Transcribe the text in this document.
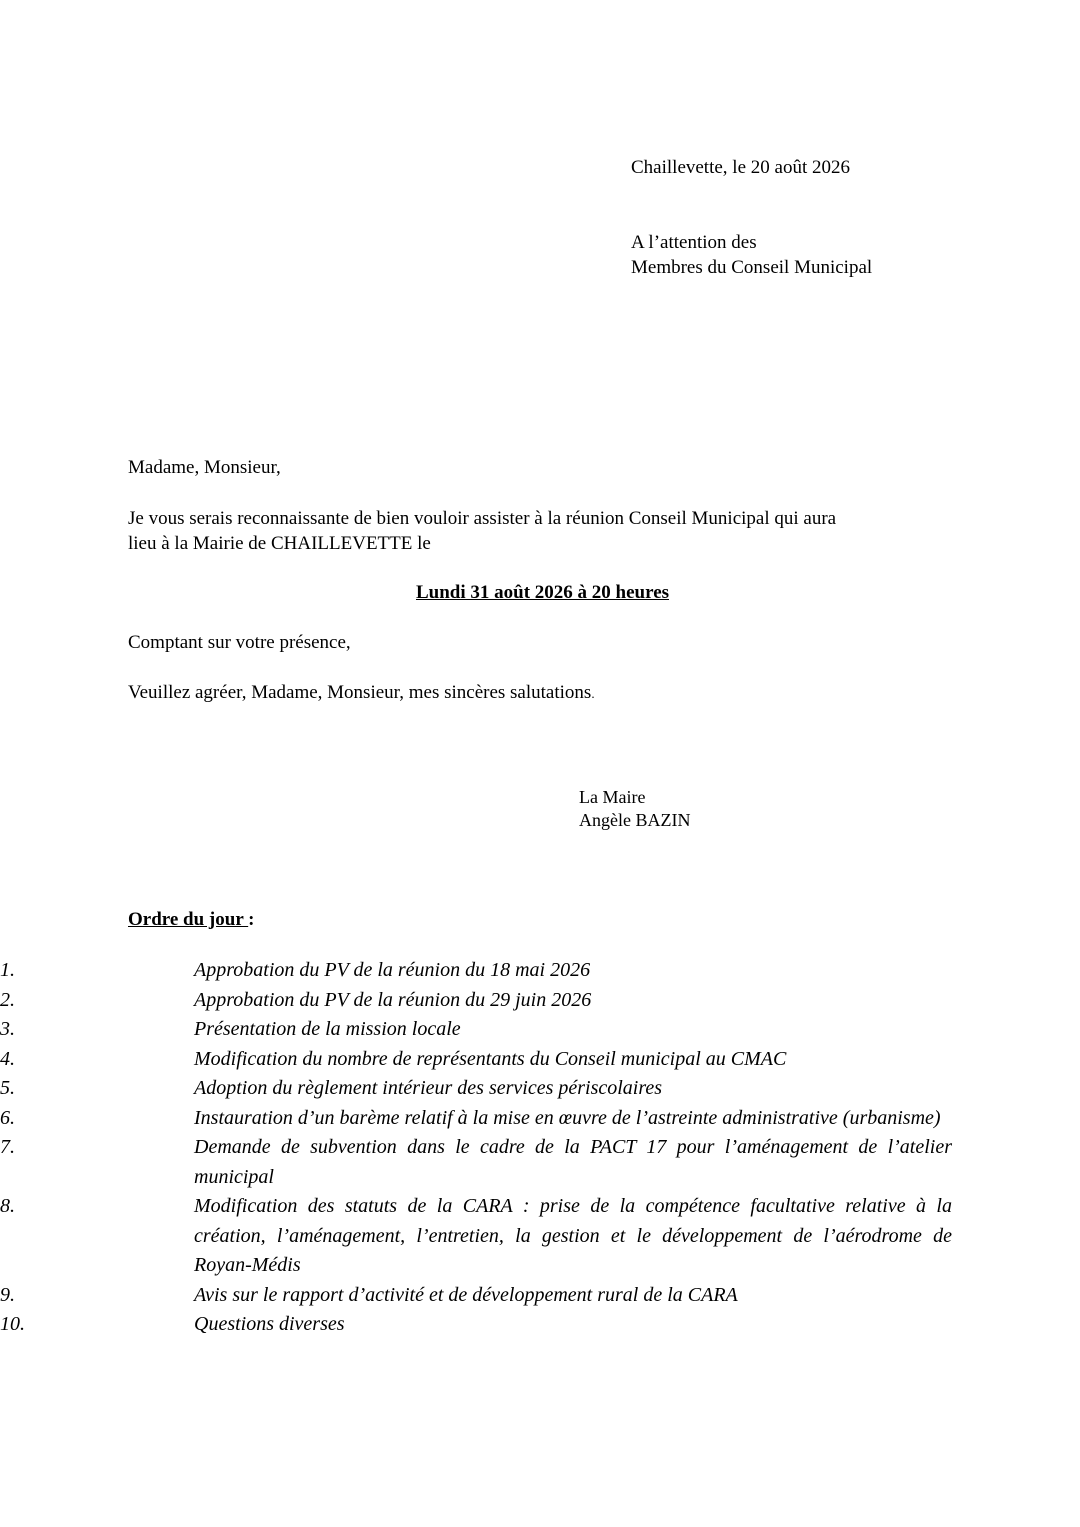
Chaillevette, le 20 août 2026
A l’attention des
Membres du Conseil Municipal
Madame, Monsieur,
Je vous serais reconnaissante de bien vouloir assister à la réunion Conseil Municipal qui aura
lieu à la Mairie de CHAILLEVETTE le
Lundi 31 août 2026 à 20 heures
Comptant sur votre présence,
Veuillez agréer, Madame, Monsieur, mes sincères salutations.
La Maire
Angèle BAZIN
Ordre du jour :
1.	Approbation du PV de la réunion du 18 mai 2026
2.	Approbation du PV de la réunion du 29 juin 2026
3.	Présentation de la mission locale
4.	Modification du nombre de représentants du Conseil municipal au CMAC
5.	Adoption du règlement intérieur des services périscolaires
6.	Instauration d’un barème relatif à la mise en œuvre de l’astreinte administrative (urbanisme)
7.	Demande de subvention dans le cadre de la PACT 17 pour l’aménagement de l’atelier municipal
8.	Modification des statuts de la CARA : prise de la compétence facultative relative à la création, l’aménagement, l’entretien, la gestion et le développement de l’aérodrome de Royan-Médis
9.	Avis sur le rapport d’activité et de développement rural de la CARA
10.	Questions diverses
